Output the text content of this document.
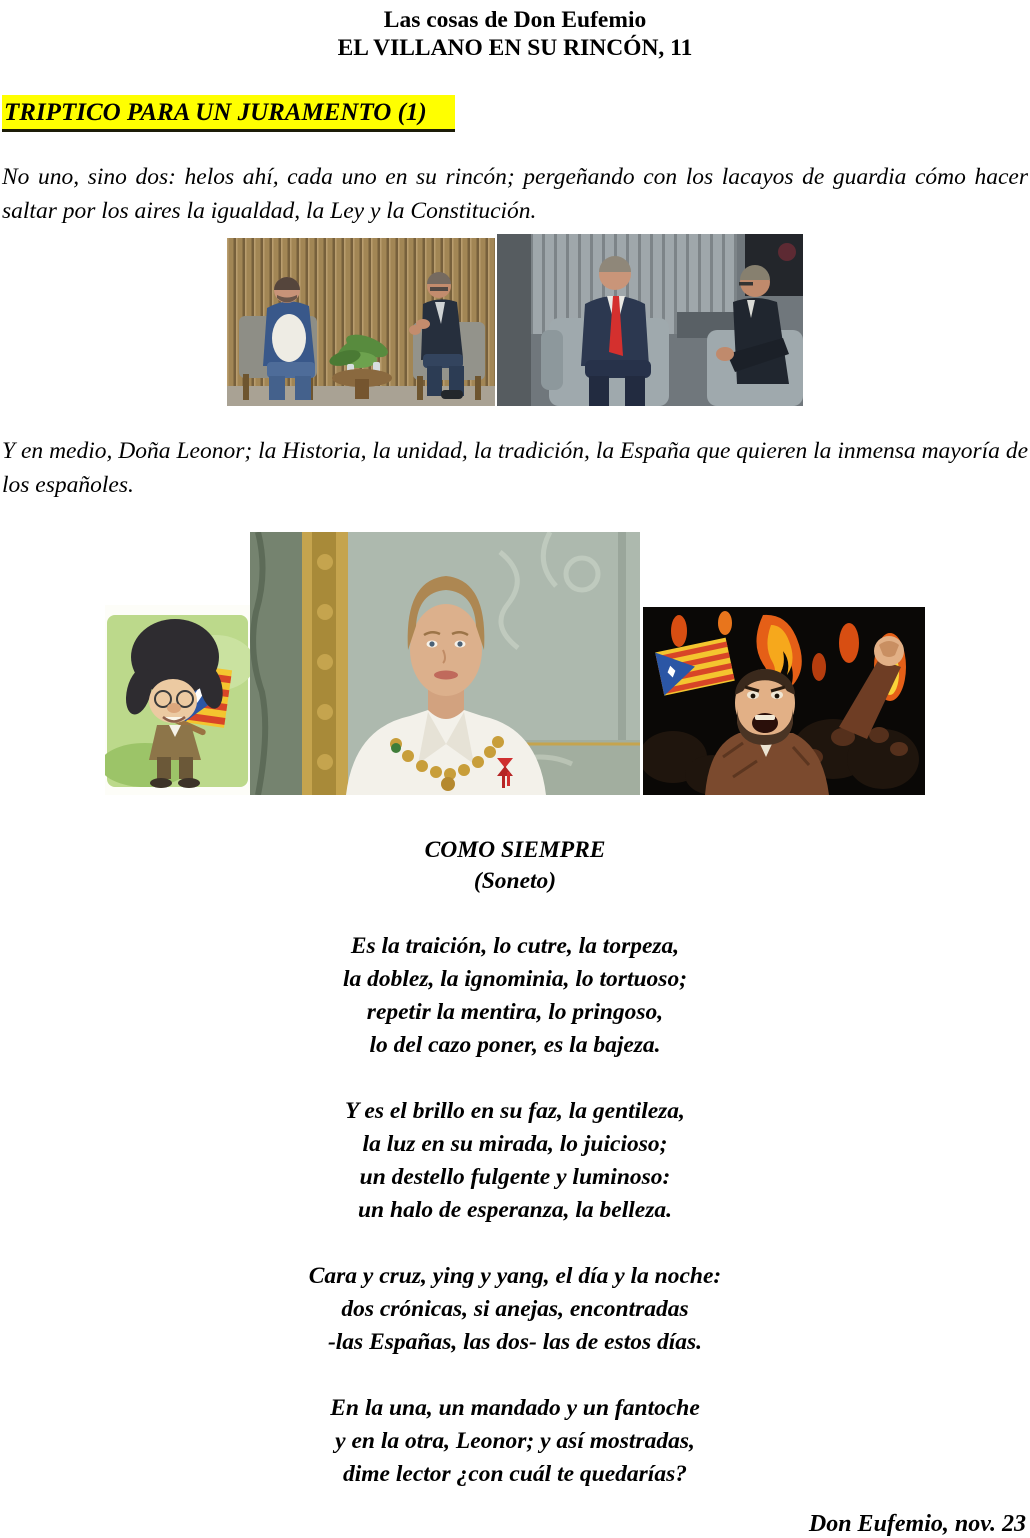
Las cosas de Don Eufemio
EL VILLANO EN SU RINCÓN, 11
TRIPTICO PARA UN JURAMENTO (1)

No uno, sino dos: helos ahí, cada uno en su rincón; pergeñando con los lacayos de guardia cómo hacer saltar por los aires la igualdad, la Ley y la Constitución.

Y en medio, Doña Leonor; la Historia, la unidad, la tradición, la España que quieren la inmensa mayoría de los españoles.

COMO SIEMPRE
(Soneto)
Es la traición, lo cutre, la torpeza,
la doblez, la ignominia, lo tortuoso;
repetir la mentira, lo pringoso,
lo del cazo poner, es la bajeza.
Y es el brillo en su faz, la gentileza,
la luz en su mirada, lo juicioso;
un destello fulgente y luminoso:
un halo de esperanza, la belleza.
Cara y cruz, ying y yang, el día y la noche:
dos crónicas, si anejas, encontradas
-las Españas, las dos- las de estos días.
En la una, un mandado y un fantoche
y en la otra, Leonor; y así mostradas,
dime lector ¿con cuál te quedarías?
Don Eufemio, nov. 23
